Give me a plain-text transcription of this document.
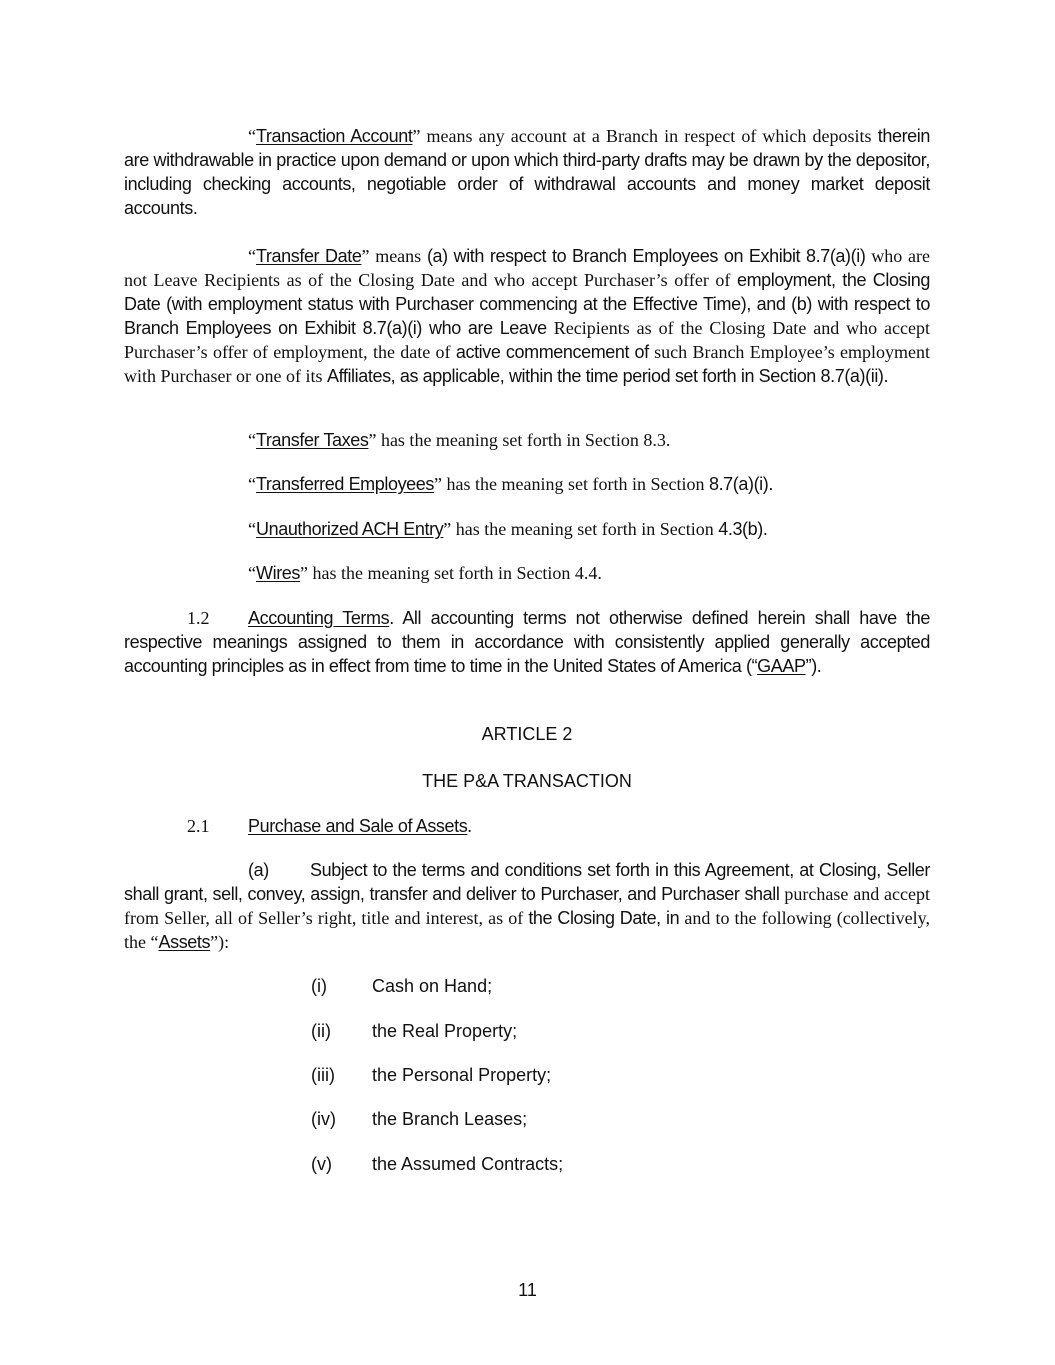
“Transaction Account” means any account at a Branch in respect of which deposits therein are withdrawable in practice upon demand or upon which third-party drafts may be drawn by the depositor, including checking accounts, negotiable order of withdrawal accounts and money market deposit accounts.
“Transfer Date” means (a) with respect to Branch Employees on Exhibit 8.7(a)(i) who are not Leave Recipients as of the Closing Date and who accept Purchaser’s offer of employment, the Closing Date (with employment status with Purchaser commencing at the Effective Time), and (b) with respect to Branch Employees on Exhibit 8.7(a)(i) who are Leave Recipients as of the Closing Date and who accept Purchaser’s offer of employment, the date of active commencement of such Branch Employee’s employment with Purchaser or one of its Affiliates, as applicable, within the time period set forth in Section 8.7(a)(ii).
“Transfer Taxes” has the meaning set forth in Section 8.3.
“Transferred Employees” has the meaning set forth in Section 8.7(a)(i).
“Unauthorized ACH Entry” has the meaning set forth in Section 4.3(b).
“Wires” has the meaning set forth in Section 4.4.
1.2	Accounting Terms. All accounting terms not otherwise defined herein shall have the respective meanings assigned to them in accordance with consistently applied generally accepted accounting principles as in effect from time to time in the United States of America (“GAAP”).
ARTICLE 2
THE P&A TRANSACTION
2.1 Purchase and Sale of Assets.
(a) Subject to the terms and conditions set forth in this Agreement, at Closing, Seller shall grant, sell, convey, assign, transfer and deliver to Purchaser, and Purchaser shall purchase and accept from Seller, all of Seller’s right, title and interest, as of the Closing Date, in and to the following (collectively, the “Assets”):
(i)	Cash on Hand;
(ii) the Real Property;
(iii) the Personal Property;
(iv) the Branch Leases;
(v) the Assumed Contracts;
11
